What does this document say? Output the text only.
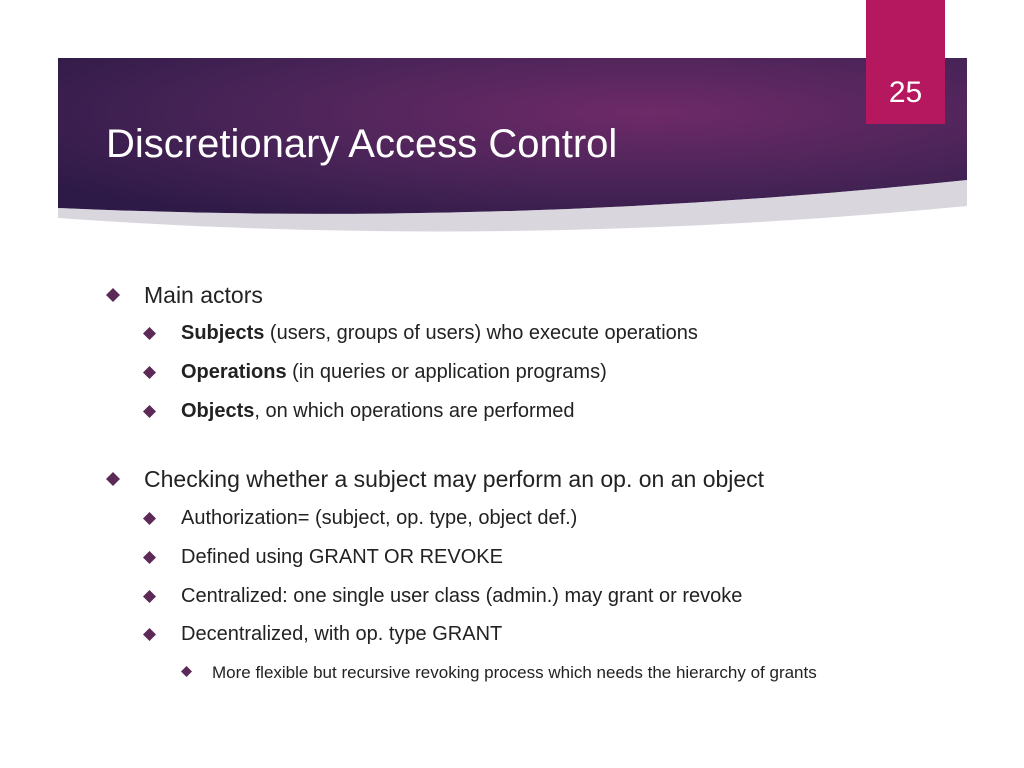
Discretionary Access Control
25
Main actors
Subjects (users, groups of users) who execute operations
Operations (in queries or application programs)
Objects, on which operations are performed
Checking whether a subject may perform an op. on an object
Authorization= (subject, op. type, object def.)
Defined using GRANT OR REVOKE
Centralized: one single user class (admin.) may grant or revoke
Decentralized, with op. type GRANT
More flexible but recursive revoking process which needs the hierarchy of grants
